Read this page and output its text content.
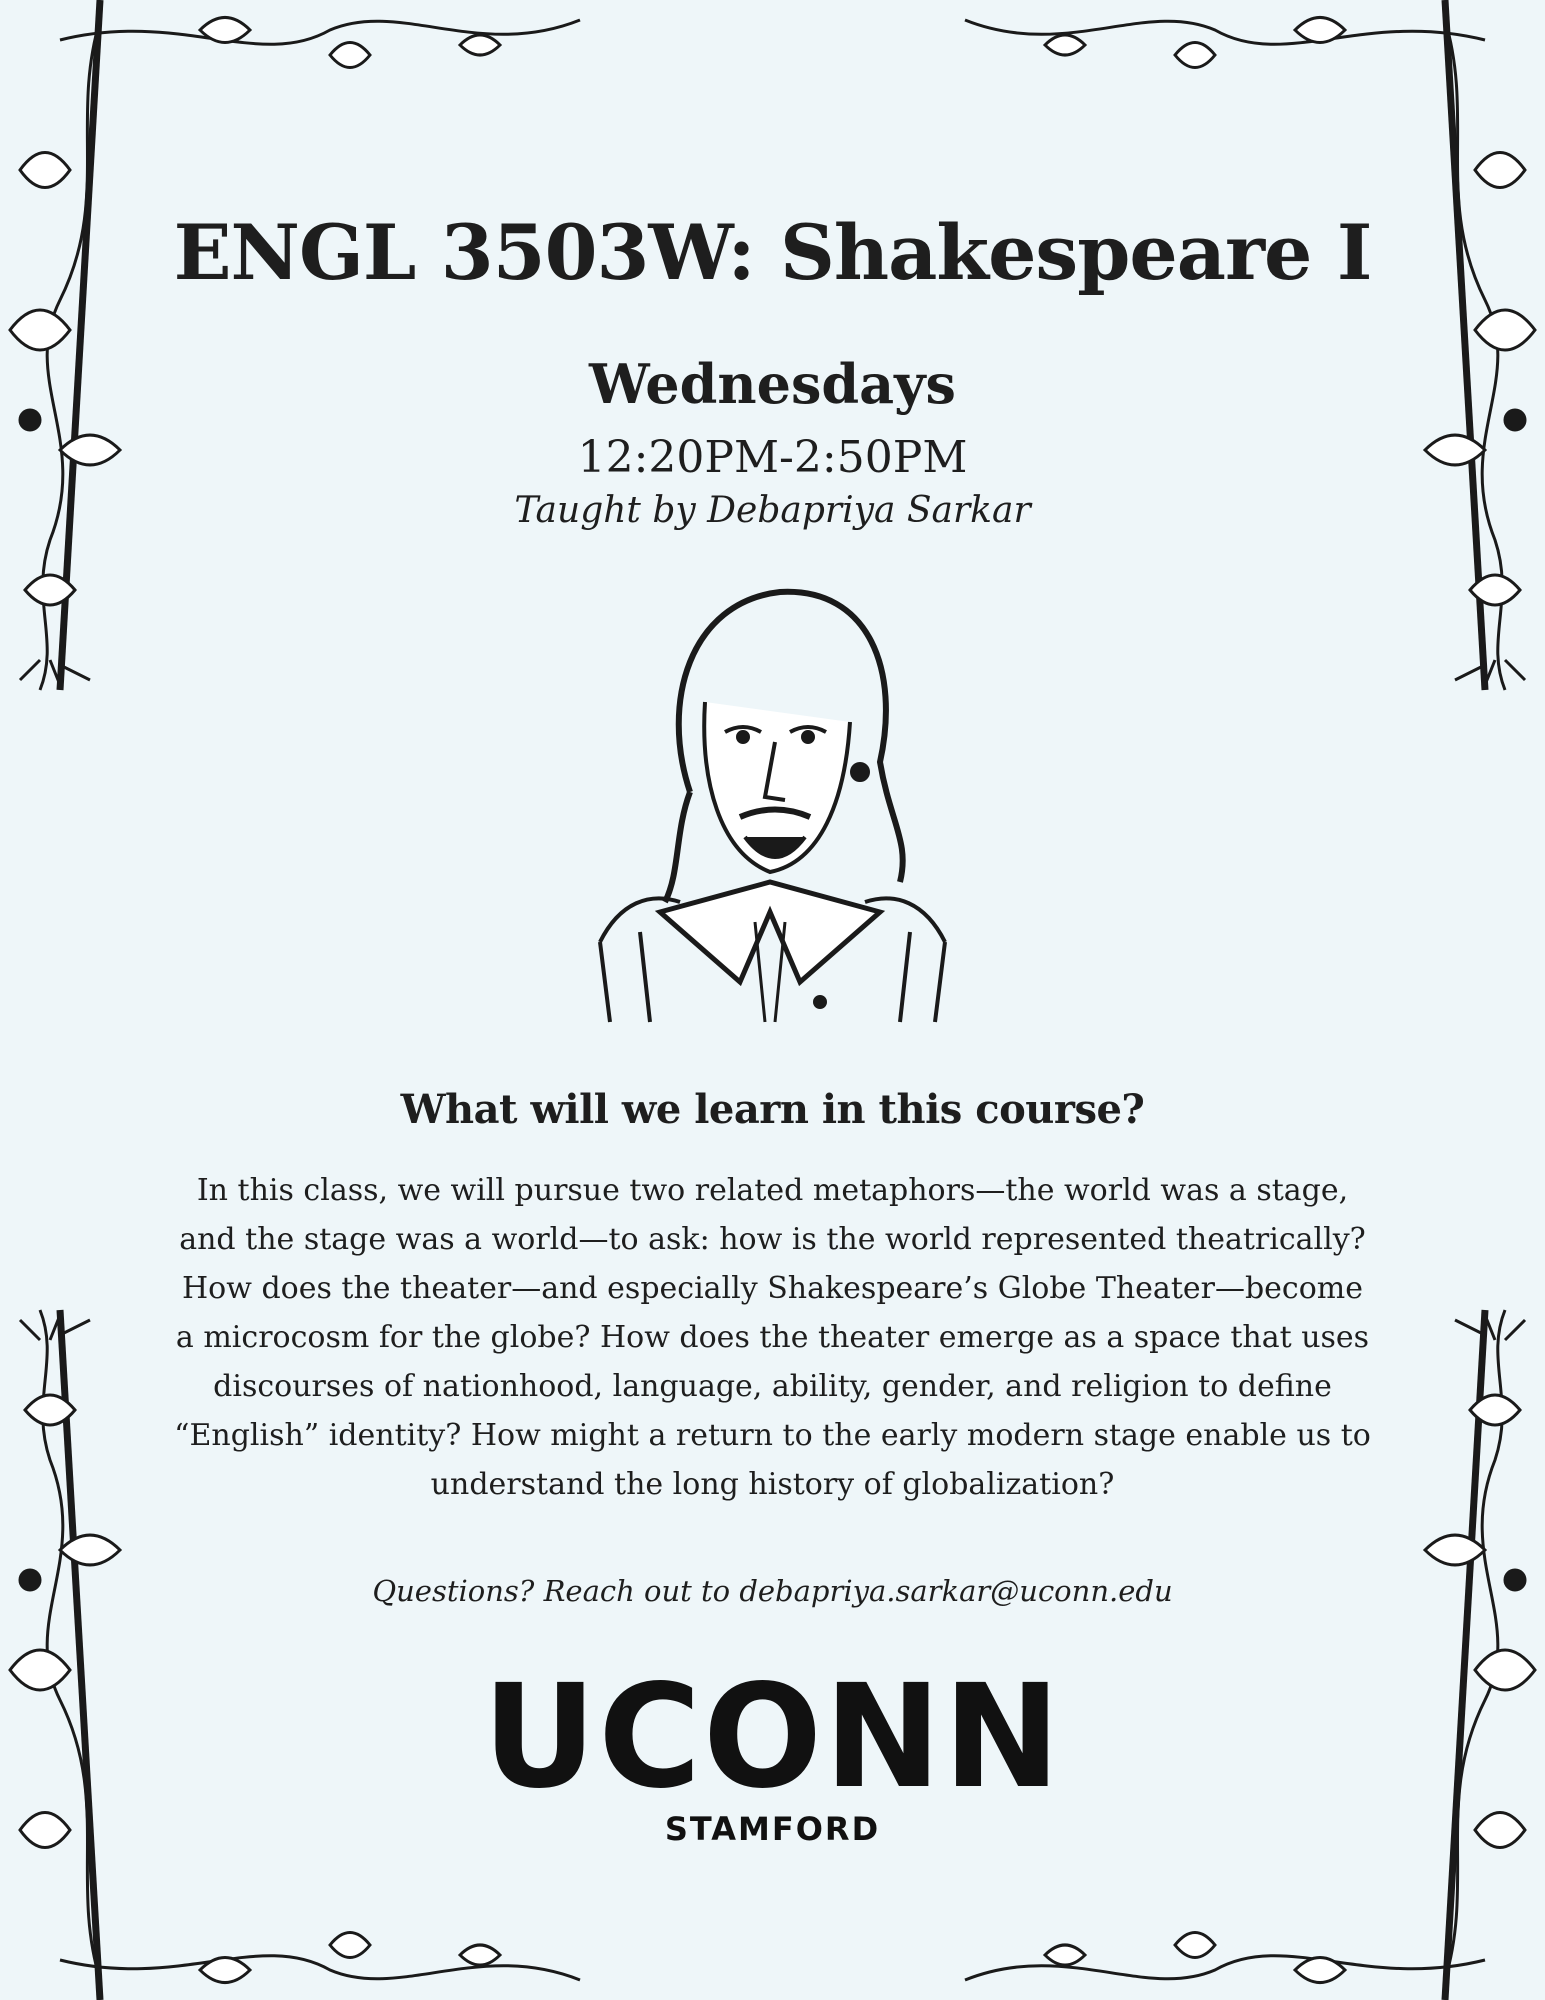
ENGL 3503W: Shakespeare I
Wednesdays

12:20PM-2:50PM

Taught by Debapriya Sarkar

What will we learn in this course?

In this class, we will pursue two related metaphors—the world was a stage, and the stage was a world—to ask: how is the world represented theatrically? How does the theater—and especially Shakespeare’s Globe Theater—become a microcosm for the globe? How does the theater emerge as a space that uses discourses of nationhood, language, ability, gender, and religion to define “English” identity? How might a return to the early modern stage enable us to understand the long history of globalization?

Questions? Reach out to debapriya.sarkar@uconn.edu

UCONN
STAMFORD
